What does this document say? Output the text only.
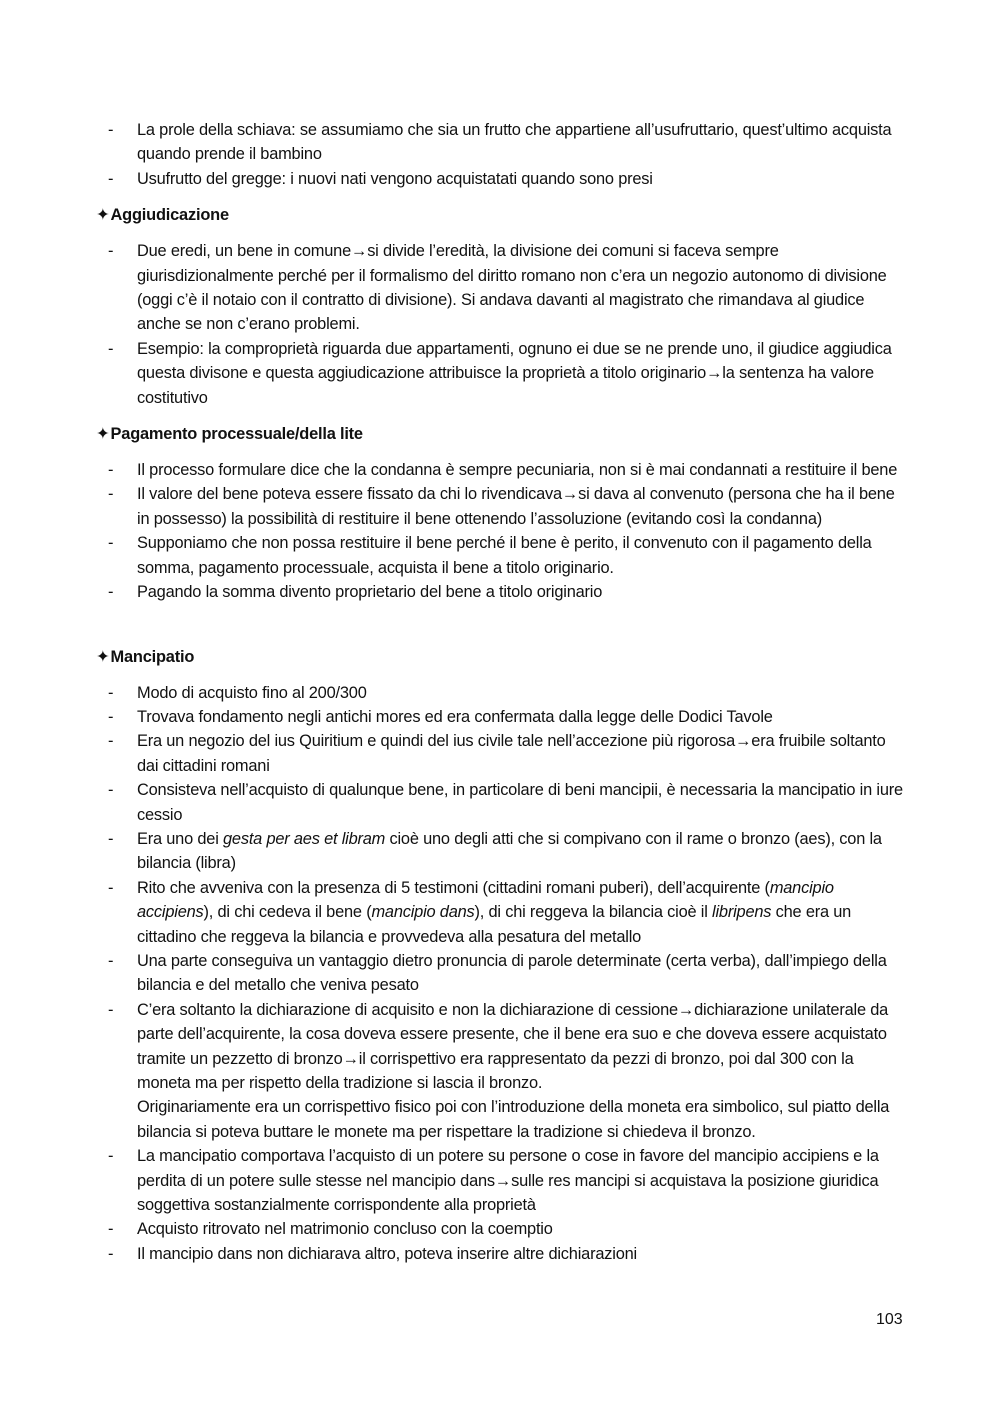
-	La prole della schiava: se assumiamo che sia un frutto che appartiene all’usufruttario, quest’ultimo acquista quando prende il bambino
-	Usufrutto del gregge: i nuovi nati vengono acquistatati quando sono presi
✦Aggiudicazione
-	Due eredi, un bene in comune→si divide l’eredità, la divisione dei comuni si faceva sempre giurisdizionalmente perché per il formalismo del diritto romano non c’era un negozio autonomo di divisione (oggi c’è il notaio con il contratto di divisione). Si andava davanti al magistrato che rimandava al giudice anche se non c’erano problemi.
-	Esempio: la comproprietà riguarda due appartamenti, ognuno ei due se ne prende uno, il giudice aggiudica questa divisone e questa aggiudicazione attribuisce la proprietà a titolo originario→la sentenza ha valore costitutivo
✦Pagamento processuale/della lite
-	Il processo formulare dice che la condanna è sempre pecuniaria, non si è mai condannati a restituire il bene
-	Il valore del bene poteva essere fissato da chi lo rivendicava→si dava al convenuto (persona che ha il bene in possesso) la possibilità di restituire il bene ottenendo l’assoluzione (evitando così la condanna)
-	Supponiamo che non possa restituire il bene perché il bene è perito, il convenuto con il pagamento della somma, pagamento processuale, acquista il bene a titolo originario.
-	Pagando la somma divento proprietario del bene a titolo originario
✦Mancipatio
-	Modo di acquisto fino al 200/300
-	Trovava fondamento negli antichi mores ed era confermata dalla legge delle Dodici Tavole
-	Era un negozio del ius Quiritium e quindi del ius civile tale nell’accezione più rigorosa→era fruibile soltanto dai cittadini romani
-	Consisteva nell’acquisto di qualunque bene, in particolare di beni mancipii, è necessaria la mancipatio in iure cessio
-	Era uno dei gesta per aes et libram cioè uno degli atti che si compivano con il rame o bronzo (aes), con la bilancia (libra)
-	Rito che avveniva con la presenza di 5 testimoni (cittadini romani puberi), dell’acquirente (mancipio accipiens), di chi cedeva il bene (mancipio dans), di chi reggeva la bilancia cioè il libripens che era un cittadino che reggeva la bilancia e provvedeva alla pesatura del metallo
-	Una parte conseguiva un vantaggio dietro pronuncia di parole determinate (certa verba), dall’impiego della bilancia e del metallo che veniva pesato
-	C’era soltanto la dichiarazione di acquisito e non la dichiarazione di cessione→dichiarazione unilaterale da parte dell’acquirente, la cosa doveva essere presente, che il bene era suo e che doveva essere acquistato tramite un pezzetto di bronzo→il corrispettivo era rappresentato da pezzi di bronzo, poi dal 300 con la moneta ma per rispetto della tradizione si lascia il bronzo.
Originariamente era un corrispettivo fisico poi con l’introduzione della moneta era simbolico, sul piatto della bilancia si poteva buttare le monete ma per rispettare la tradizione si chiedeva il bronzo.
-	La mancipatio comportava l’acquisto di un potere su persone o cose in favore del mancipio accipiens e la perdita di un potere sulle stesse nel mancipio dans→sulle res mancipi si acquistava la posizione giuridica soggettiva sostanzialmente corrispondente alla proprietà
-	Acquisto ritrovato nel matrimonio concluso con la coemptio
-	Il mancipio dans non dichiarava altro, poteva inserire altre dichiarazioni
103
